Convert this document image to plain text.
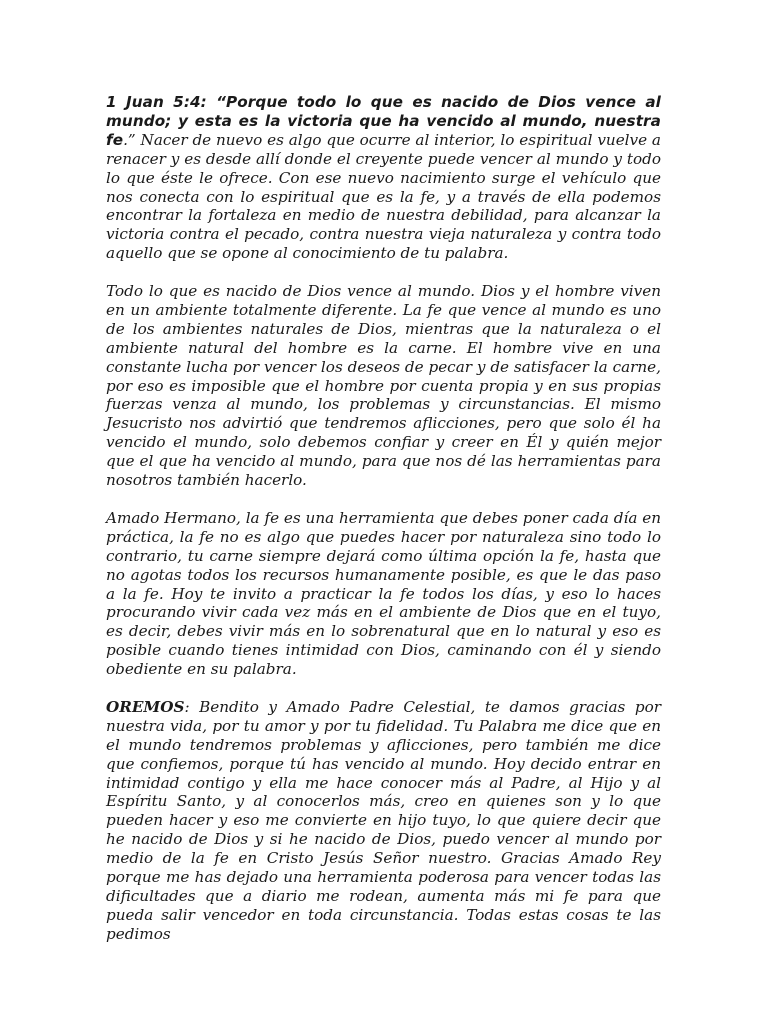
1 Juan 5:4: “Porque todo lo que es nacido de Dios vence al mundo; y esta es la victoria que ha vencido al mundo, nuestra fe.” Nacer de nuevo es algo que ocurre al interior, lo espiritual vuelve a renacer y es desde allí donde el creyente puede vencer al mundo y todo lo que éste le ofrece. Con ese nuevo nacimiento surge el vehículo que nos conecta con lo espiritual que es la fe, y a través de ella podemos encontrar la fortaleza en medio de nuestra debilidad, para alcanzar la victoria contra el pecado, contra nuestra vieja naturaleza y contra todo aquello que se opone al conocimiento de tu palabra.

Todo lo que es nacido de Dios vence al mundo. Dios y el hombre viven en un ambiente totalmente diferente. La fe que vence al mundo es uno de los ambientes naturales de Dios, mientras que la naturaleza o el ambiente natural del hombre es la carne. El hombre vive en una constante lucha por vencer los deseos de pecar y de satisfacer la carne, por eso es imposible que el hombre por cuenta propia y en sus propias fuerzas venza al mundo, los problemas y circunstancias. El mismo Jesucristo nos advirtió que tendremos aflicciones, pero que solo él ha vencido el mundo, solo debemos confiar y creer en Él y quién mejor que el que ha vencido al mundo, para que nos dé las herramientas para nosotros también hacerlo.

Amado Hermano, la fe es una herramienta que debes poner cada día en práctica, la fe no es algo que puedes hacer por naturaleza sino todo lo contrario, tu carne siempre dejará como última opción la fe, hasta que no agotas todos los recursos humanamente posible, es que le das paso a la fe. Hoy te invito a practicar la fe todos los días, y eso lo haces procurando vivir cada vez más en el ambiente de Dios que en el tuyo, es decir, debes vivir más en lo sobrenatural que en lo natural y eso es posible cuando tienes intimidad con Dios, caminando con él y siendo obediente en su palabra.

OREMOS: Bendito y Amado Padre Celestial, te damos gracias por nuestra vida, por tu amor y por tu fidelidad. Tu Palabra me dice que en el mundo tendremos problemas y aflicciones, pero también me dice que confiemos, porque tú has vencido al mundo. Hoy decido entrar en intimidad contigo y ella me hace conocer más al Padre, al Hijo y al Espíritu Santo, y al conocerlos más, creo en quienes son y lo que pueden hacer y eso me convierte en hijo tuyo, lo que quiere decir que he nacido de Dios y si he nacido de Dios, puedo vencer al mundo por medio de la fe en Cristo Jesús Señor nuestro. Gracias Amado Rey porque me has dejado una herramienta poderosa para vencer todas las dificultades que a diario me rodean, aumenta más mi fe para que pueda salir vencedor en toda circunstancia. Todas estas cosas te las pedimos
